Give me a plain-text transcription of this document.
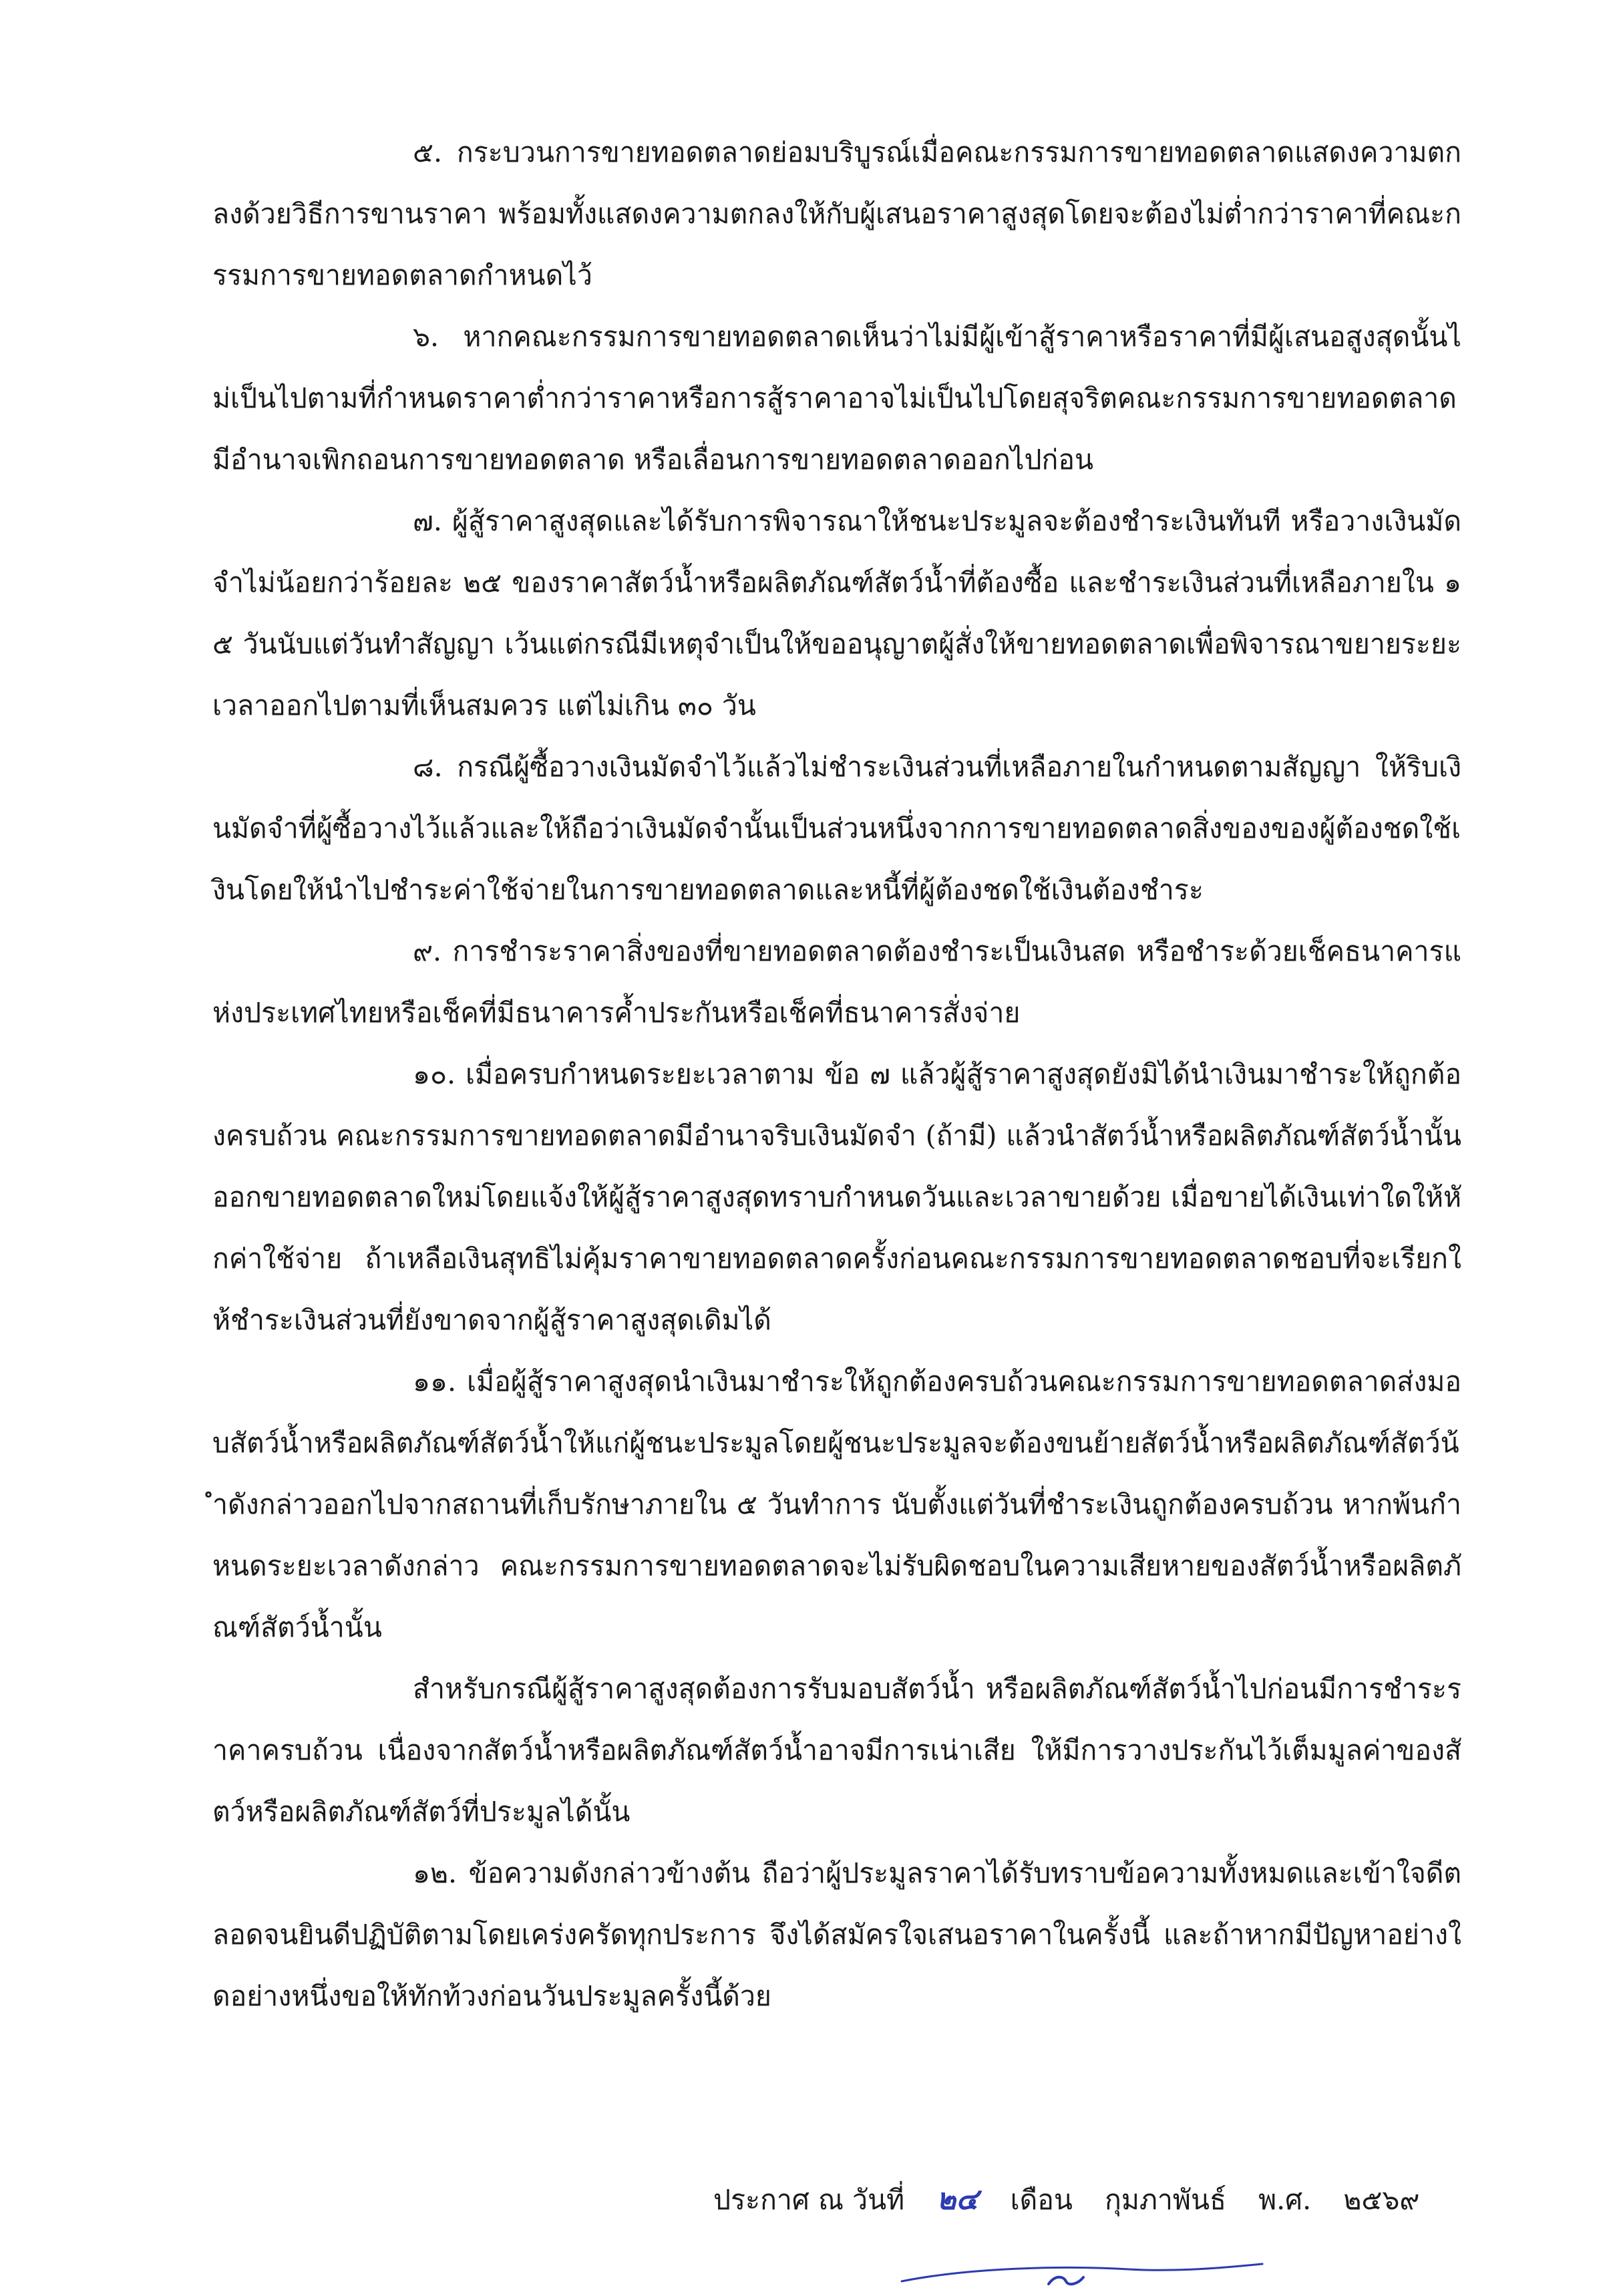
๕. กระบวนการขายทอดตลาดย่อมบริบูรณ์เมื่อคณะกรรมการขายทอดตลาดแสดงความตกลงด้วยวิธีการขานราคา พร้อมทั้งแสดงความตกลงให้กับผู้เสนอราคาสูงสุดโดยจะต้องไม่ต่ำกว่าราคาที่คณะกรรมการขายทอดตลาดกำหนดไว้

๖. หากคณะกรรมการขายทอดตลาดเห็นว่าไม่มีผู้เข้าสู้ราคาหรือราคาที่มีผู้เสนอสูงสุดนั้นไม่เป็นไปตามที่กำหนดราคาต่ำกว่าราคาหรือการสู้ราคาอาจไม่เป็นไปโดยสุจริตคณะกรรมการขายทอดตลาดมีอำนาจเพิกถอนการขายทอดตลาด หรือเลื่อนการขายทอดตลาดออกไปก่อน

๗. ผู้สู้ราคาสูงสุดและได้รับการพิจารณาให้ชนะประมูลจะต้องชำระเงินทันที หรือวางเงินมัดจำไม่น้อยกว่าร้อยละ ๒๕ ของราคาสัตว์น้ำหรือผลิตภัณฑ์สัตว์น้ำที่ต้องซื้อ และชำระเงินส่วนที่เหลือภายใน ๑๕ วันนับแต่วันทำสัญญา เว้นแต่กรณีมีเหตุจำเป็นให้ขออนุญาตผู้สั่งให้ขายทอดตลาดเพื่อพิจารณาขยายระยะเวลาออกไปตามที่เห็นสมควร แต่ไม่เกิน ๓๐ วัน

๘. กรณีผู้ซื้อวางเงินมัดจำไว้แล้วไม่ชำระเงินส่วนที่เหลือภายในกำหนดตามสัญญา ให้ริบเงินมัดจำที่ผู้ซื้อวางไว้แล้วและให้ถือว่าเงินมัดจำนั้นเป็นส่วนหนึ่งจากการขายทอดตลาดสิ่งของของผู้ต้องชดใช้เงินโดยให้นำไปชำระค่าใช้จ่ายในการขายทอดตลาดและหนี้ที่ผู้ต้องชดใช้เงินต้องชำระ

๙. การชำระราคาสิ่งของที่ขายทอดตลาดต้องชำระเป็นเงินสด หรือชำระด้วยเช็คธนาคารแห่งประเทศไทยหรือเช็คที่มีธนาคารค้ำประกันหรือเช็คที่ธนาคารสั่งจ่าย

๑๐. เมื่อครบกำหนดระยะเวลาตาม ข้อ ๗ แล้วผู้สู้ราคาสูงสุดยังมิได้นำเงินมาชำระให้ถูกต้องครบถ้วน คณะกรรมการขายทอดตลาดมีอำนาจริบเงินมัดจำ (ถ้ามี) แล้วนำสัตว์น้ำหรือผลิตภัณฑ์สัตว์น้ำนั้นออกขายทอดตลาดใหม่โดยแจ้งให้ผู้สู้ราคาสูงสุดทราบกำหนดวันและเวลาขายด้วย เมื่อขายได้เงินเท่าใดให้หักค่าใช้จ่าย ถ้าเหลือเงินสุทธิไม่คุ้มราคาขายทอดตลาดครั้งก่อนคณะกรรมการขายทอดตลาดชอบที่จะเรียกให้ชำระเงินส่วนที่ยังขาดจากผู้สู้ราคาสูงสุดเดิมได้

๑๑. เมื่อผู้สู้ราคาสูงสุดนำเงินมาชำระให้ถูกต้องครบถ้วนคณะกรรมการขายทอดตลาดส่งมอบสัตว์น้ำหรือผลิตภัณฑ์สัตว์น้ำให้แก่ผู้ชนะประมูลโดยผู้ชนะประมูลจะต้องขนย้ายสัตว์น้ำหรือผลิตภัณฑ์สัตว์น้ำดังกล่าวออกไปจากสถานที่เก็บรักษาภายใน ๕ วันทำการ นับตั้งแต่วันที่ชำระเงินถูกต้องครบถ้วน หากพ้นกำหนดระยะเวลาดังกล่าว คณะกรรมการขายทอดตลาดจะไม่รับผิดชอบในความเสียหายของสัตว์น้ำหรือผลิตภัณฑ์สัตว์น้ำนั้น

สำหรับกรณีผู้สู้ราคาสูงสุดต้องการรับมอบสัตว์น้ำ หรือผลิตภัณฑ์สัตว์น้ำไปก่อนมีการชำระราคาครบถ้วน เนื่องจากสัตว์น้ำหรือผลิตภัณฑ์สัตว์น้ำอาจมีการเน่าเสีย ให้มีการวางประกันไว้เต็มมูลค่าของสัตว์หรือผลิตภัณฑ์สัตว์ที่ประมูลได้นั้น

๑๒. ข้อความดังกล่าวข้างต้น ถือว่าผู้ประมูลราคาได้รับทราบข้อความทั้งหมดและเข้าใจดีตลอดจนยินดีปฏิบัติตามโดยเคร่งครัดทุกประการ จึงได้สมัครใจเสนอราคาในครั้งนี้ และถ้าหากมีปัญหาอย่างใดอย่างหนึ่งขอให้ทักท้วงก่อนวันประมูลครั้งนี้ด้วย

ประกาศ ณ วันที่ ๒๔ เดือน กุมภาพันธ์ พ.ศ. ๒๕๖๙
